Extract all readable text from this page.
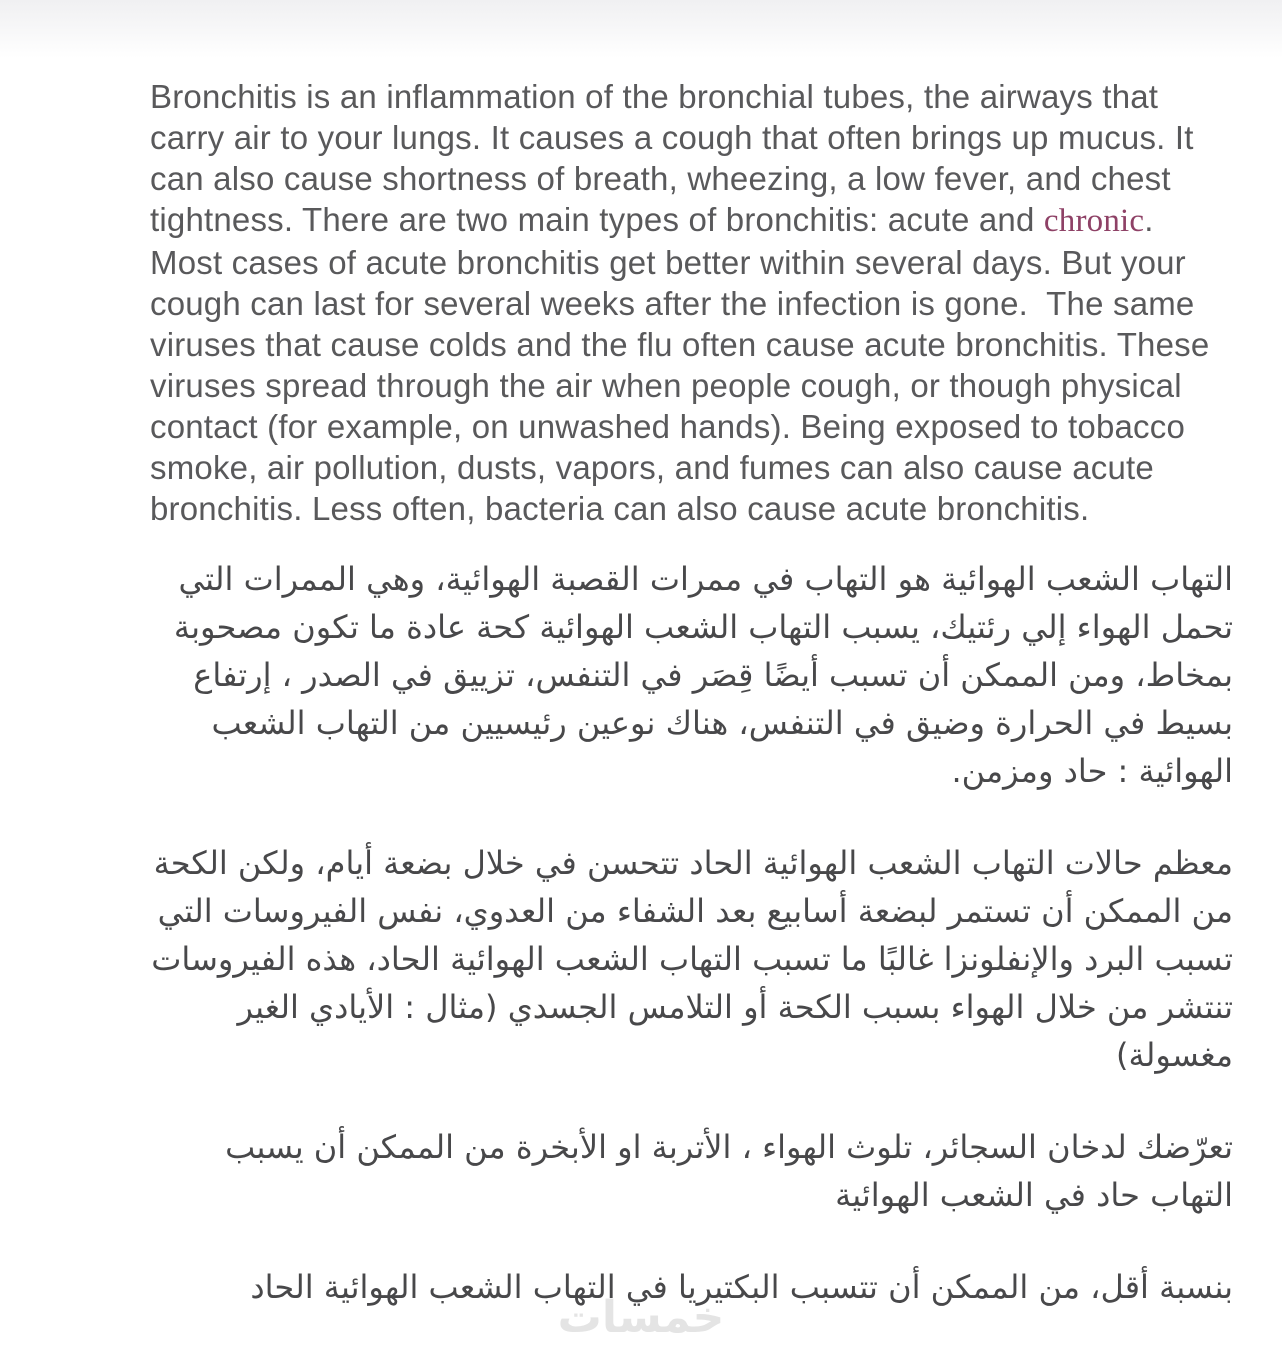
Bronchitis is an inflammation of the bronchial tubes, the airways that carry air to your lungs. It causes a cough that often brings up mucus. It can also cause shortness of breath, wheezing, a low fever, and chest tightness. There are two main types of bronchitis: acute and chronic.

Most cases of acute bronchitis get better within several days. But your cough can last for several weeks after the infection is gone.  The same viruses that cause colds and the flu often cause acute bronchitis. These viruses spread through the air when people cough, or though physical contact (for example, on unwashed hands). Being exposed to tobacco smoke, air pollution, dusts, vapors, and fumes can also cause acute bronchitis. Less often, bacteria can also cause acute bronchitis.

التهاب الشعب الهوائية هو التهاب في ممرات القصبة الهوائية، وهي الممرات التي تحمل الهواء إلي رئتيك، يسبب التهاب الشعب الهوائية كحة عادة ما تكون مصحوبة بمخاط، ومن الممكن أن تسبب أيضًا قِصَر في التنفس، تزييق في الصدر ، إرتفاع بسيط في الحرارة وضيق في التنفس، هناك نوعين رئيسيين من التهاب الشعب الهوائية : حاد ومزمن.

معظم حالات التهاب الشعب الهوائية الحاد تتحسن في خلال بضعة أيام، ولكن الكحة من الممكن أن تستمر لبضعة أسابيع بعد الشفاء من العدوي، نفس الفيروسات التي تسبب البرد والإنفلونزا غالبًا ما تسبب التهاب الشعب الهوائية الحاد، هذه الفيروسات تنتشر من خلال الهواء بسبب الكحة أو التلامس الجسدي (مثال : الأيادي الغير مغسولة)

تعرّضك لدخان السجائر، تلوث الهواء ، الأتربة او الأبخرة من الممكن أن يسبب التهاب حاد في الشعب الهوائية

بنسبة أقل، من الممكن أن تتسبب البكتيريا في التهاب الشعب الهوائية الحاد

خمسات
